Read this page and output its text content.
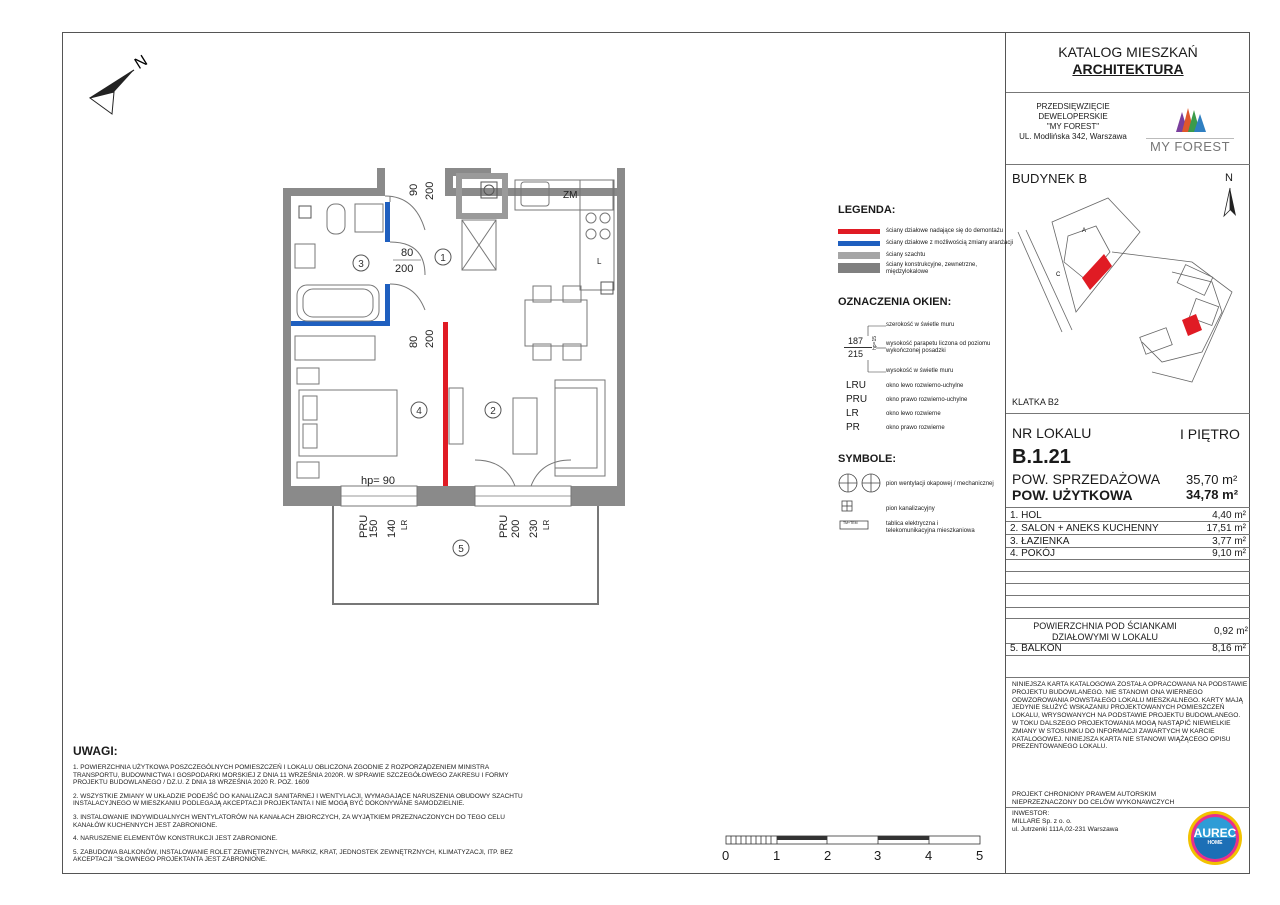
N
1
2
3
4
5
90 200
80
200
80 200
hp= 90
PRU
150 140 LR	PRU 200 230 LR
ZM
L
LEGENDA:
ściany działowe nadające się do demontażu
ściany działowe z możliwością zmiany aranżacji
ściany szachtu
ściany konstrukcyjne, zewnetrzne, międzylokalowe
OZNACZENIA OKIEN:
187
215
hp=15
szerokość w świetle muru
wysokość parapetu liczona od poziomu wykończonej posadzki
wysokość w świetle muru
LRU	okno lewo rozwierno-uchylne
PRU	okno prawo rozwierno-uchylne
LR	okno lewo rozwierne
PR	okno prawo rozwierne
SYMBOLE:
TM+TEM
pion wentylacji okapowej / mechanicznej
pion kanalizacyjny
tablica elektryczna i telekomunikacyjna mieszkaniowa
UWAGI:
1. POWIERZCHNIA UŻYTKOWA POSZCZEGÓLNYCH POMIESZCZEŃ I LOKALU OBLICZONA ZGODNIE Z ROZPORZĄDZENIEM MINISTRA TRANSPORTU, BUDOWNICTWA I GOSPODARKI MORSKIEJ Z DNIA 11 WRZEŚNIA 2020R. W SPRAWIE SZCZEGÓŁOWEGO ZAKRESU I FORMY PROJEKTU BUDOWLANEGO / DZ.U. Z DNIA 18 WRZEŚNIA 2020 R. POZ. 1609
2. WSZYSTKIE ZMIANY W UKŁADZIE PODEJŚĆ DO KANALIZACJI SANITARNEJ I WENTYLACJI, WYMAGAJĄCE NARUSZENIA OBUDOWY SZACHTU INSTALACYJNEGO W MIESZKANIU PODLEGAJĄ AKCEPTACJI PROJEKTANTA I NIE MOGĄ BYĆ DOKONYWANE SAMODZIELNIE.
3. INSTALOWANIE INDYWIDUALNYCH WENTYLATORÓW NA KANAŁACH ZBIORCZYCH, ZA WYJĄTKIEM PRZEZNACZONYCH DO TEGO CELU KANAŁÓW KUCHENNYCH JEST ZABRONIONE.
4. NARUSZENIE ELEMENTÓW KONSTRUKCJI JEST ZABRONIONE.
5. ZABUDOWA BALKONÓW, INSTALOWANIE ROLET ZEWNĘTRZNYCH, MARKIZ, KRAT, JEDNOSTEK ZEWNĘTRZNYCH, KLIMATYZACJI, ITP. BEZ AKCEPTACJI "SŁOWNEGO PROJEKTANTA JEST ZABRONIONE.	0	1	2	3	4	5
KATALOG MIESZKAŃ
ARCHITEKTURA
PRZEDSIĘWZIĘCIE
DEWELOPERSKIE
"MY FOREST"
UL. Modlińska 342, Warszawa
MY FOREST
BUDYNEK B	N
A
C
KLATKA B2
NR LOKALU	I PIĘTRO
B.1.21
POW. SPRZEDAŻOWA 35,70 m²
POW. UŻYTKOWA	34,78 m²
1. HOL	4,40 m²
2. SALON + ANEKS KUCHENNY	17,51 m²
3. ŁAZIENKA	3,77 m²
4. POKÓJ	9,10 m²
POWIERZCHNIA POD ŚCIANKAMI
DZIAŁOWYMI W LOKALU	0,92 m²
5. BALKON	8,16 m²
NINIEJSZA KARTA KATALOGOWA ZOSTAŁA OPRACOWANA NA PODSTAWIE PROJEKTU BUDOWLANEGO. NIE STANOWI ONA WIERNEGO ODWZOROWANIA POWSTAŁEGO LOKALU MIESZKALNEGO. KARTY MAJĄ JEDYNIE SŁUŻYĆ WSKAZANIU PROJEKTOWANYCH POMIESZCZEŃ LOKALU, WRYSOWANYCH NA PODSTAWIE PROJEKTU BUDOWLANEGO. W TOKU DALSZEGO PROJEKTOWANIA MOGĄ NASTĄPIĆ NIEWIELKIE ZMIANY W STOSUNKU DO INFORMACJI ZAWARTYCH W KARCIE KATALOGOWEJ. NINIEJSZA KARTA NIE STANOWI WIĄŻĄCEGO OPISU PREZENTOWANEGO LOKALU.
PROJEKT CHRONIONY PRAWEM AUTORSKIM
NIEPRZEZNACZONY DO CELÓW WYKONAWCZYCH
INWESTOR:
MILLARE Sp. z o. o.
ul. Jutrzenki 111A,02-231 Warszawa	AUREC
HOME
